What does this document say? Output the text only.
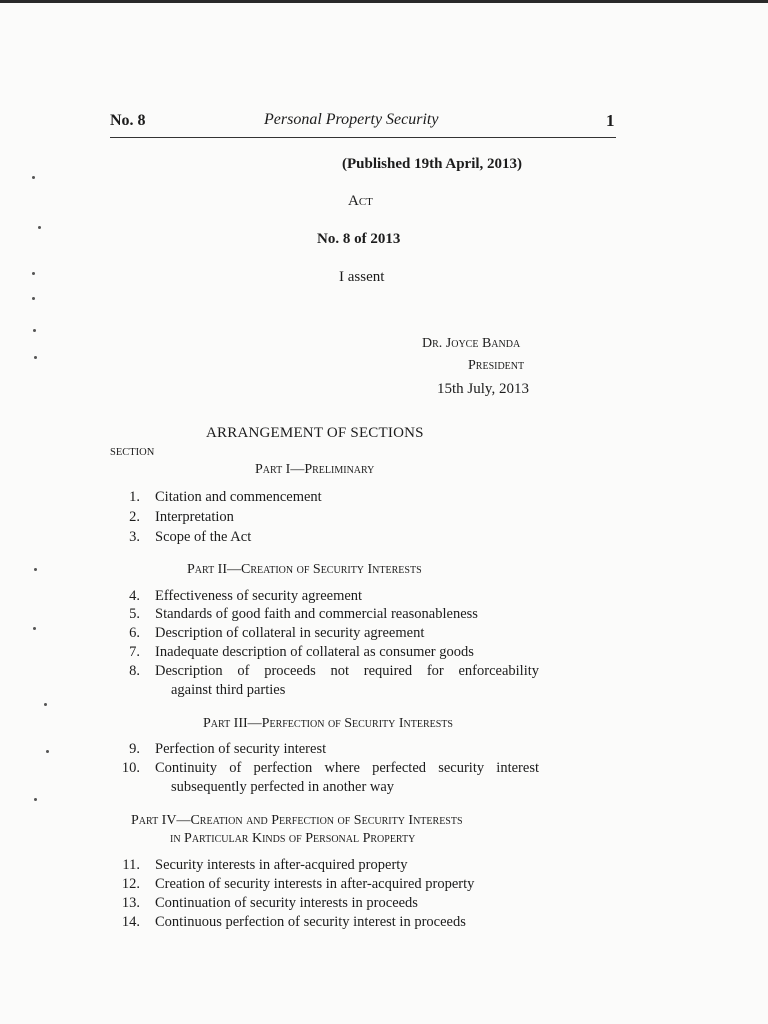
No. 8	Personal Property Security	1
(Published 19th April, 2013)
Act
No. 8 of 2013
I assent
Dr. Joyce Banda
President
15th July, 2013
ARRANGEMENT OF SECTIONS
SECTION
Part I—Preliminary
1. Citation and commencement
2. Interpretation
3. Scope of the Act
Part II—Creation of Security Interests
4. Effectiveness of security agreement
5. Standards of good faith and commercial reasonableness
6. Description of collateral in security agreement
7. Inadequate description of collateral as consumer goods
8. Description of proceeds not required for enforceability
against third parties
Part III—Perfection of Security Interests
9. Perfection of security interest
10. Continuity of perfection where perfected security interest
subsequently perfected in another way
Part IV—Creation and Perfection of Security Interests
in Particular Kinds of Personal Property
11. Security interests in after-acquired property
12. Creation of security interests in after-acquired property
13. Continuation of security interests in proceeds
14. Continuous perfection of security interest in proceeds
